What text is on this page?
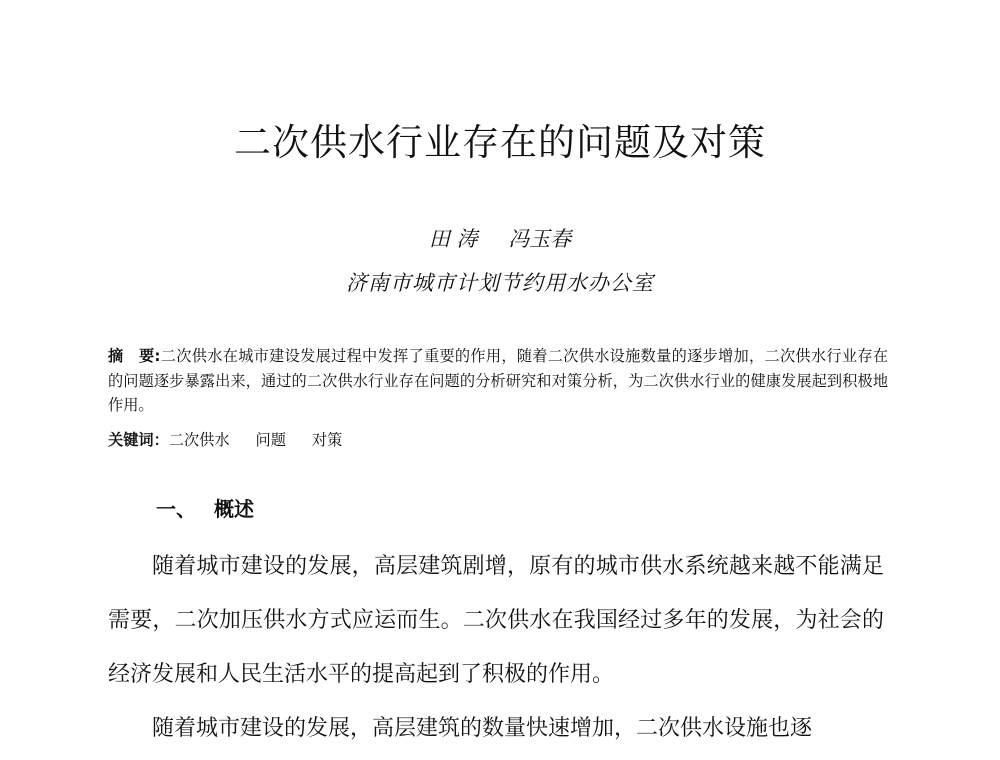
二次供水行业存在的问题及对策
田 涛 冯玉春
济南市城市计划节约用水办公室
摘　要:二次供水在城市建设发展过程中发挥了重要的作用，随着二次供水设施数量的逐步增加，二次供水行业存在的问题逐步暴露出来，通过的二次供水行业存在问题的分析研究和对策分析，为二次供水行业的健康发展起到积极地作用。
关键词：二次供水 问题 对策
一、 概述

随着城市建设的发展，高层建筑剧增，原有的城市供水系统越来越不能满足需要，二次加压供水方式应运而生。二次供水在我国经过多年的发展，为社会的经济发展和人民生活水平的提高起到了积极的作用。

随着城市建设的发展，高层建筑的数量快速增加，二次供水设施也逐
